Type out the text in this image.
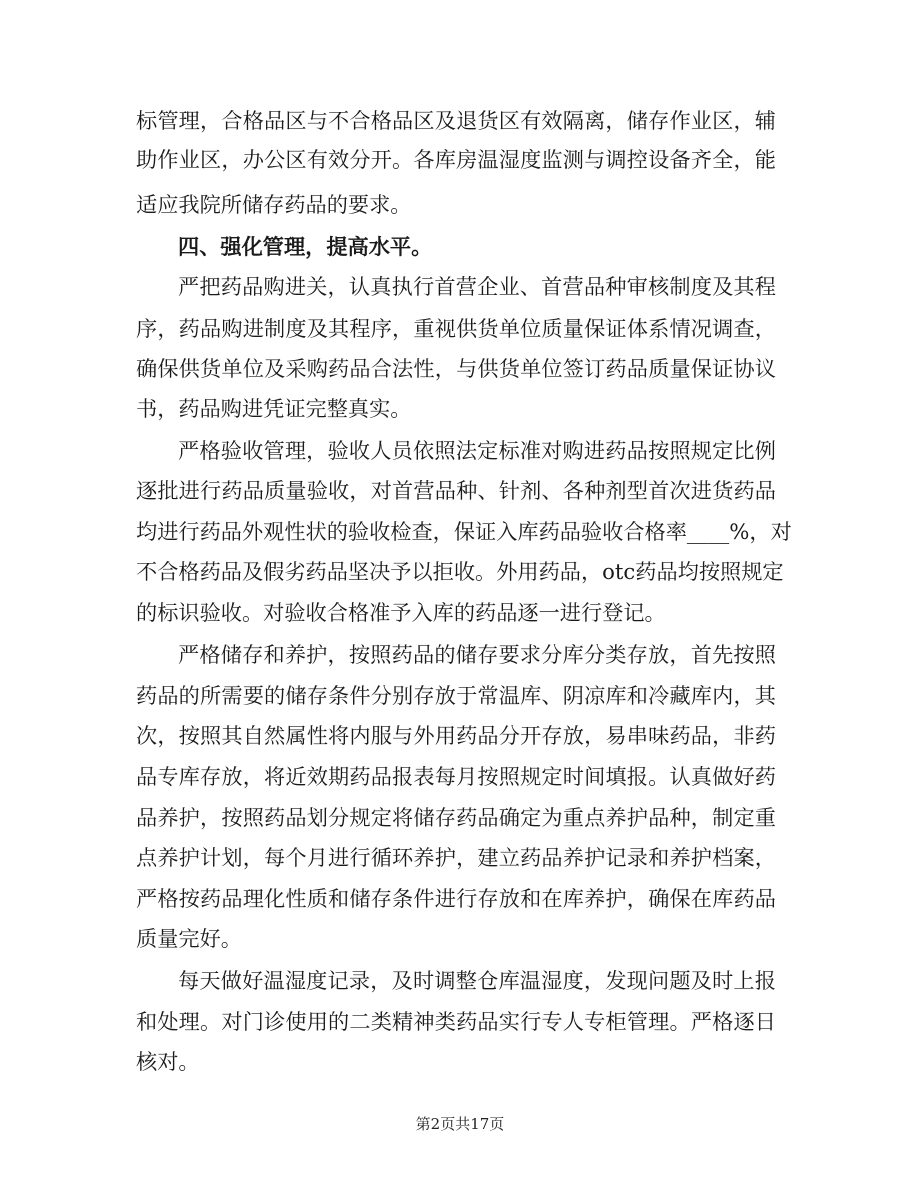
标管理，合格品区与不合格品区及退货区有效隔离，储存作业区，辅
助作业区，办公区有效分开。各库房温湿度监测与调控设备齐全，能
适应我院所储存药品的要求。
四、强化管理，提高水平。
严把药品购进关，认真执行首营企业、首营品种审核制度及其程
序，药品购进制度及其程序，重视供货单位质量保证体系情况调查，
确保供货单位及采购药品合法性，与供货单位签订药品质量保证协议
书，药品购进凭证完整真实。
严格验收管理，验收人员依照法定标准对购进药品按照规定比例
逐批进行药品质量验收，对首营品种、针剂、各种剂型首次进货药品
均进行药品外观性状的验收检查，保证入库药品验收合格率____%，对
不合格药品及假劣药品坚决予以拒收。外用药品，otc药品均按照规定
的标识验收。对验收合格准予入库的药品逐一进行登记。
严格储存和养护，按照药品的储存要求分库分类存放，首先按照
药品的所需要的储存条件分别存放于常温库、阴凉库和冷藏库内，其
次，按照其自然属性将内服与外用药品分开存放，易串味药品，非药
品专库存放，将近效期药品报表每月按照规定时间填报。认真做好药
品养护，按照药品划分规定将储存药品确定为重点养护品种，制定重
点养护计划，每个月进行循环养护，建立药品养护记录和养护档案，
严格按药品理化性质和储存条件进行存放和在库养护，确保在库药品
质量完好。
每天做好温湿度记录，及时调整仓库温湿度，发现问题及时上报
和处理。对门诊使用的二类精神类药品实行专人专柜管理。严格逐日
核对。
第2页共17页
